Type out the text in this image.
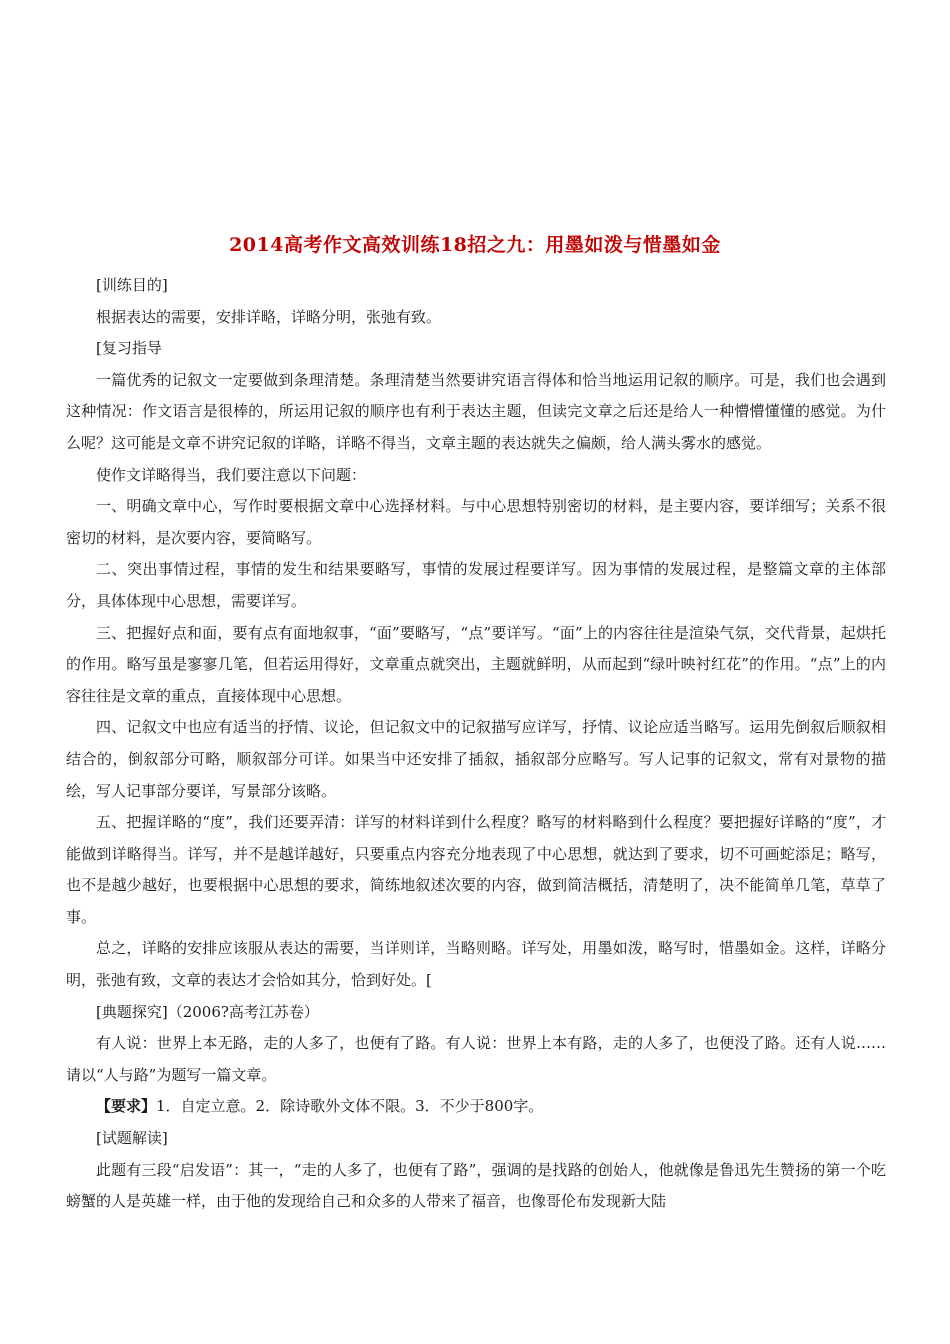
2014高考作文高效训练18招之九：用墨如泼与惜墨如金

[训练目的]

根据表达的需要，安排详略，详略分明，张弛有致。

[复习指导

一篇优秀的记叙文一定要做到条理清楚。条理清楚当然要讲究语言得体和恰当地运用记叙的顺序。可是，我们也会遇到这种情况：作文语言是很棒的，所运用记叙的顺序也有利于表达主题，但读完文章之后还是给人一种懵懵懂懂的感觉。为什么呢？这可能是文章不讲究记叙的详略，详略不得当，文章主题的表达就失之偏颇，给人满头雾水的感觉。

使作文详略得当，我们要注意以下问题：

一、明确文章中心，写作时要根据文章中心选择材料。与中心思想特别密切的材料，是主要内容，要详细写；关系不很密切的材料，是次要内容，要简略写。

二、突出事情过程，事情的发生和结果要略写，事情的发展过程要详写。因为事情的发展过程，是整篇文章的主体部分，具体体现中心思想，需要详写。

三、把握好点和面，要有点有面地叙事，“面”要略写，“点”要详写。“面”上的内容往往是渲染气氛，交代背景，起烘托的作用。略写虽是寥寥几笔，但若运用得好，文章重点就突出，主题就鲜明，从而起到“绿叶映衬红花”的作用。“点”上的内容往往是文章的重点，直接体现中心思想。

四、记叙文中也应有适当的抒情、议论，但记叙文中的记叙描写应详写，抒情、议论应适当略写。运用先倒叙后顺叙相结合的，倒叙部分可略，顺叙部分可详。如果当中还安排了插叙，插叙部分应略写。写人记事的记叙文，常有对景物的描绘，写人记事部分要详，写景部分该略。

五、把握详略的“度”，我们还要弄清：详写的材料详到什么程度？略写的材料略到什么程度？要把握好详略的“度”，才能做到详略得当。详写，并不是越详越好，只要重点内容充分地表现了中心思想，就达到了要求，切不可画蛇添足；略写，也不是越少越好，也要根据中心思想的要求，简练地叙述次要的内容，做到简洁概括，清楚明了，决不能简单几笔，草草了事。

总之，详略的安排应该服从表达的需要，当详则详，当略则略。详写处，用墨如泼，略写时，惜墨如金。这样，详略分明，张弛有致，文章的表达才会恰如其分，恰到好处。[

[典题探究]（2006?高考江苏卷）

有人说：世界上本无路，走的人多了，也便有了路。有人说：世界上本有路，走的人多了，也便没了路。还有人说……请以“人与路”为题写一篇文章。

【要求】1．自定立意。2．除诗歌外文体不限。3．不少于800字。

[试题解读]

此题有三段“启发语”：其一，“走的人多了，也便有了路”，强调的是找路的创始人，他就像是鲁迅先生赞扬的第一个吃螃蟹的人是英雄一样，由于他的发现给自己和众多的人带来了福音，也像哥伦布发现新大陆
